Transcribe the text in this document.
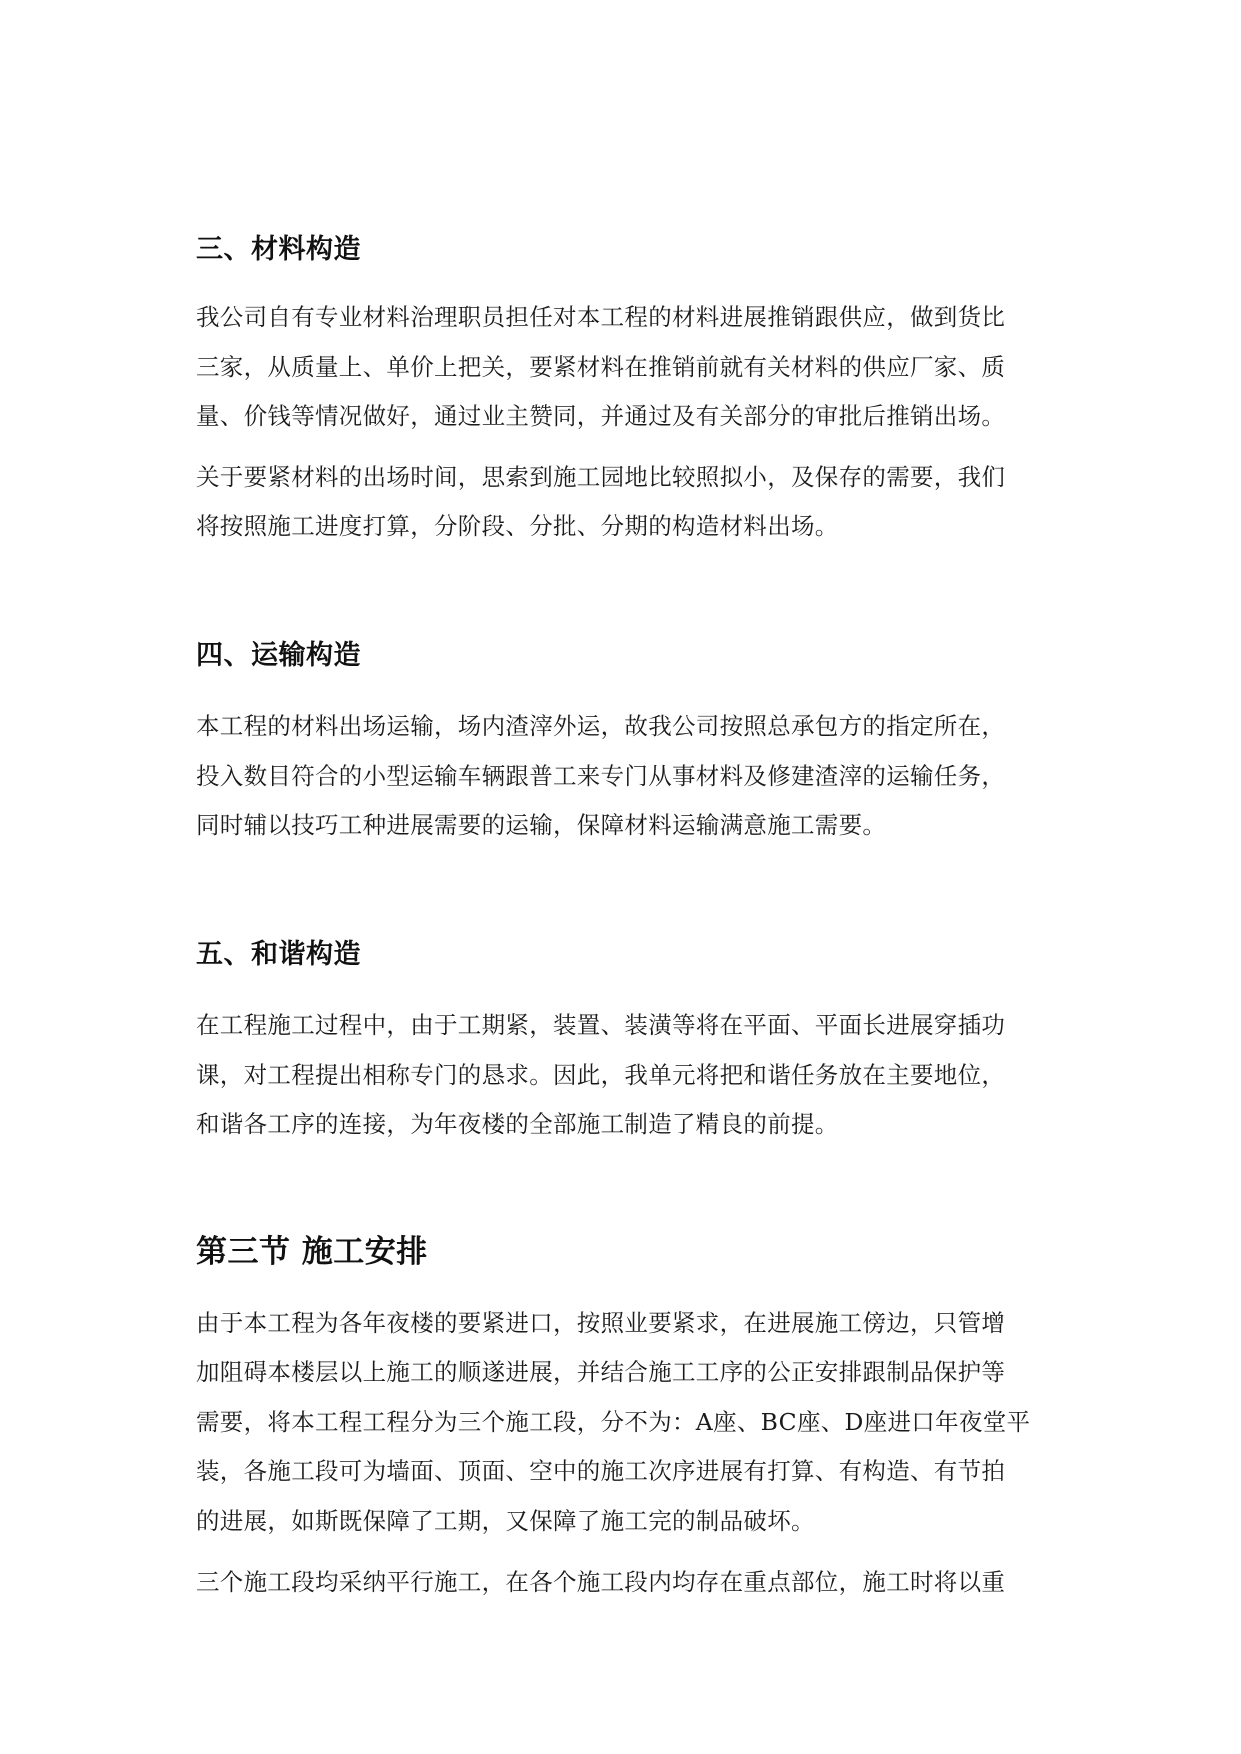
三、材料构造
我公司自有专业材料治理职员担任对本工程的材料进展推销跟供应，做到货比
三家，从质量上、单价上把关，要紧材料在推销前就有关材料的供应厂家、质
量、价钱等情况做好，通过业主赞同，并通过及有关部分的审批后推销出场。
关于要紧材料的出场时间，思索到施工园地比较照拟小，及保存的需要，我们
将按照施工进度打算，分阶段、分批、分期的构造材料出场。
四、运输构造
本工程的材料出场运输，场内渣滓外运，故我公司按照总承包方的指定所在，
投入数目符合的小型运输车辆跟普工来专门从事材料及修建渣滓的运输任务，
同时辅以技巧工种进展需要的运输，保障材料运输满意施工需要。
五、和谐构造
在工程施工过程中，由于工期紧，装置、装潢等将在平面、平面长进展穿插功
课，对工程提出相称专门的恳求。因此，我单元将把和谐任务放在主要地位，
和谐各工序的连接，为年夜楼的全部施工制造了精良的前提。
第三节 施工安排
由于本工程为各年夜楼的要紧进口，按照业要紧求，在进展施工傍边，只管增
加阻碍本楼层以上施工的顺遂进展，并结合施工工序的公正安排跟制品保护等
需要，将本工程工程分为三个施工段，分不为：A座、BC座、D座进口年夜堂平
装，各施工段可为墙面、顶面、空中的施工次序进展有打算、有构造、有节拍
的进展，如斯既保障了工期，又保障了施工完的制品破坏。
三个施工段均采纳平行施工，在各个施工段内均存在重点部位，施工时将以重
